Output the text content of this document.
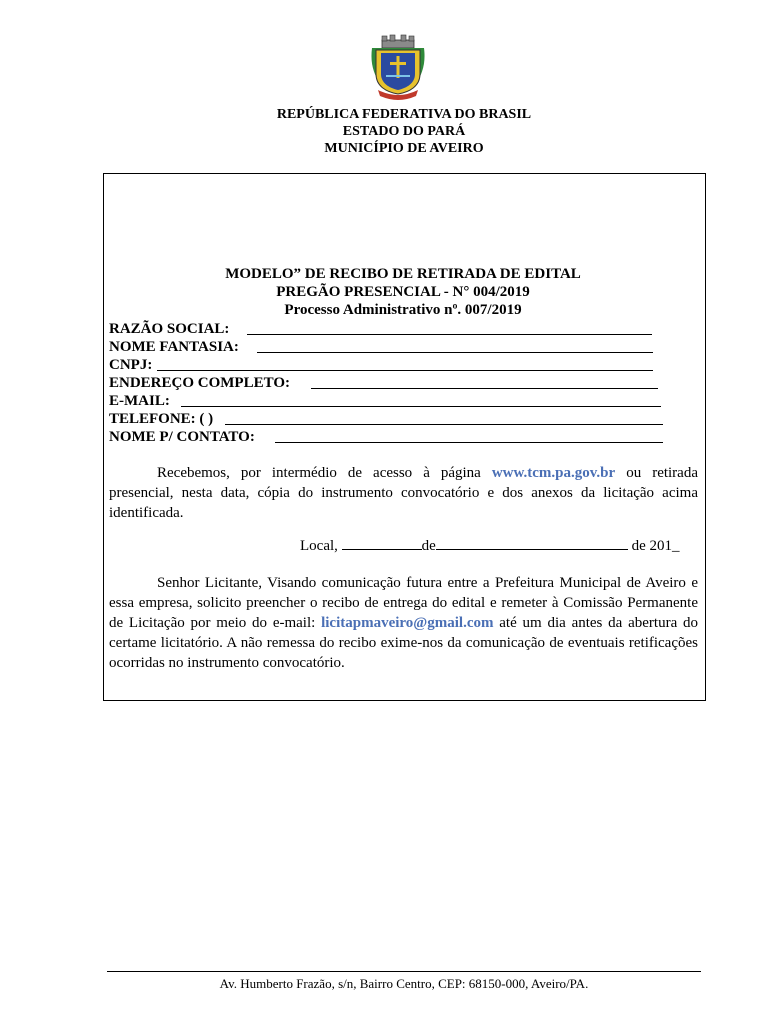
REPÚBLICA FEDERATIVA DO BRASIL
ESTADO DO PARÁ
MUNICÍPIO DE AVEIRO
MODELO” DE RECIBO DE RETIRADA DE EDITAL
PREGÃO PRESENCIAL - N° 004/2019
Processo Administrativo nº. 007/2019
RAZÃO SOCIAL:
NOME FANTASIA:
CNPJ:
ENDEREÇO COMPLETO:
E-MAIL:
TELEFONE: ( )
NOME P/ CONTATO:
Recebemos, por intermédio de acesso à página www.tcm.pa.gov.br ou retirada presencial, nesta data, cópia do instrumento convocatório e dos anexos da licitação acima identificada.
Local,	de	de 201_
Senhor Licitante, Visando comunicação futura entre a Prefeitura Municipal de Aveiro e essa empresa, solicito preencher o recibo de entrega do edital e remeter à Comissão Permanente de Licitação por meio do e-mail: licitapmaveiro@gmail.com até um dia antes da abertura do certame licitatório. A não remessa do recibo exime-nos da comunicação de eventuais retificações ocorridas no instrumento convocatório.
Av. Humberto Frazão, s/n, Bairro Centro, CEP: 68150-000, Aveiro/PA.
